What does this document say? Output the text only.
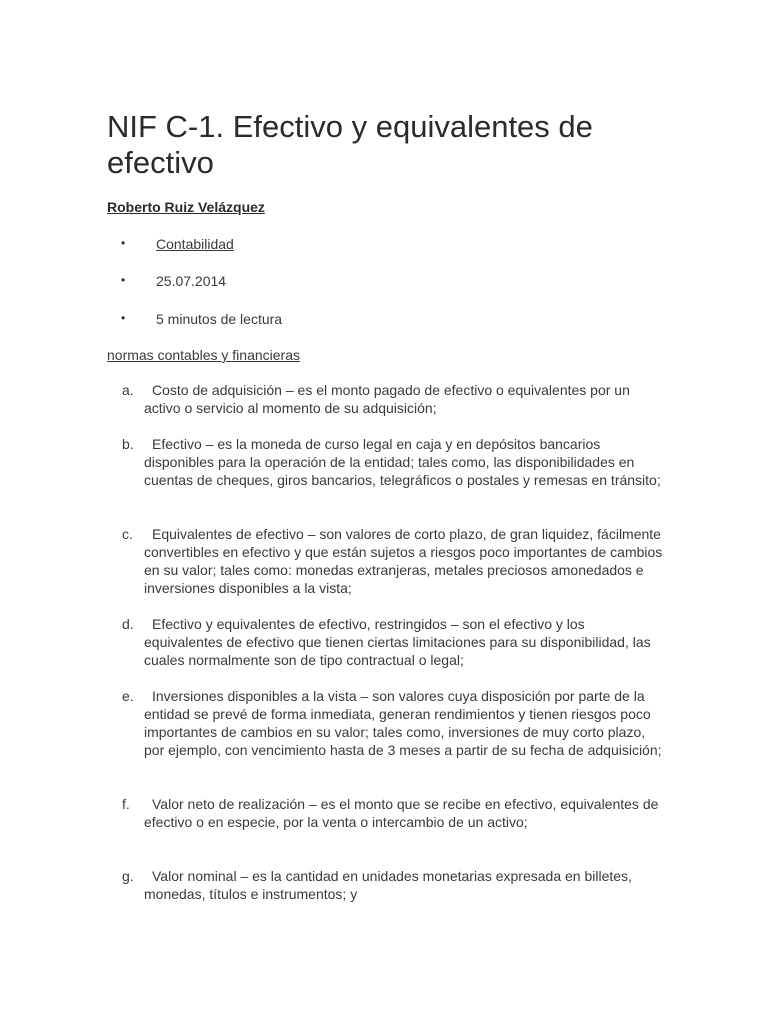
NIF C-1. Efectivo y equivalentes de efectivo
Roberto Ruiz Velázquez
• Contabilidad
• 25.07.2014
• 5 minutos de lectura
normas contables y financieras
a.	Costo de adquisición – es el monto pagado de efectivo o equivalentes por un activo o servicio al momento de su adquisición;
b.	Efectivo – es la moneda de curso legal en caja y en depósitos bancarios disponibles para la operación de la entidad; tales como, las disponibilidades en cuentas de cheques, giros bancarios, telegráficos o postales y remesas en tránsito;
c.	Equivalentes de efectivo – son valores de corto plazo, de gran liquidez, fácilmente convertibles en efectivo y que están sujetos a riesgos poco importantes de cambios en su valor; tales como: monedas extranjeras, metales preciosos amonedados e inversiones disponibles a la vista;
d.	Efectivo y equivalentes de efectivo, restringidos – son el efectivo y los equivalentes de efectivo que tienen ciertas limitaciones para su disponibilidad, las cuales normalmente son de tipo contractual o legal;
e.	Inversiones disponibles a la vista – son valores cuya disposición por parte de la entidad se prevé de forma inmediata, generan rendimientos y tienen riesgos poco importantes de cambios en su valor; tales como, inversiones de muy corto plazo, por ejemplo, con vencimiento hasta de 3 meses a partir de su fecha de adquisición;
f.	Valor neto de realización – es el monto que se recibe en efectivo, equivalentes de efectivo o en especie, por la venta o intercambio de un activo;
g.	Valor nominal – es la cantidad en unidades monetarias expresada en billetes, monedas, títulos e instrumentos; y
